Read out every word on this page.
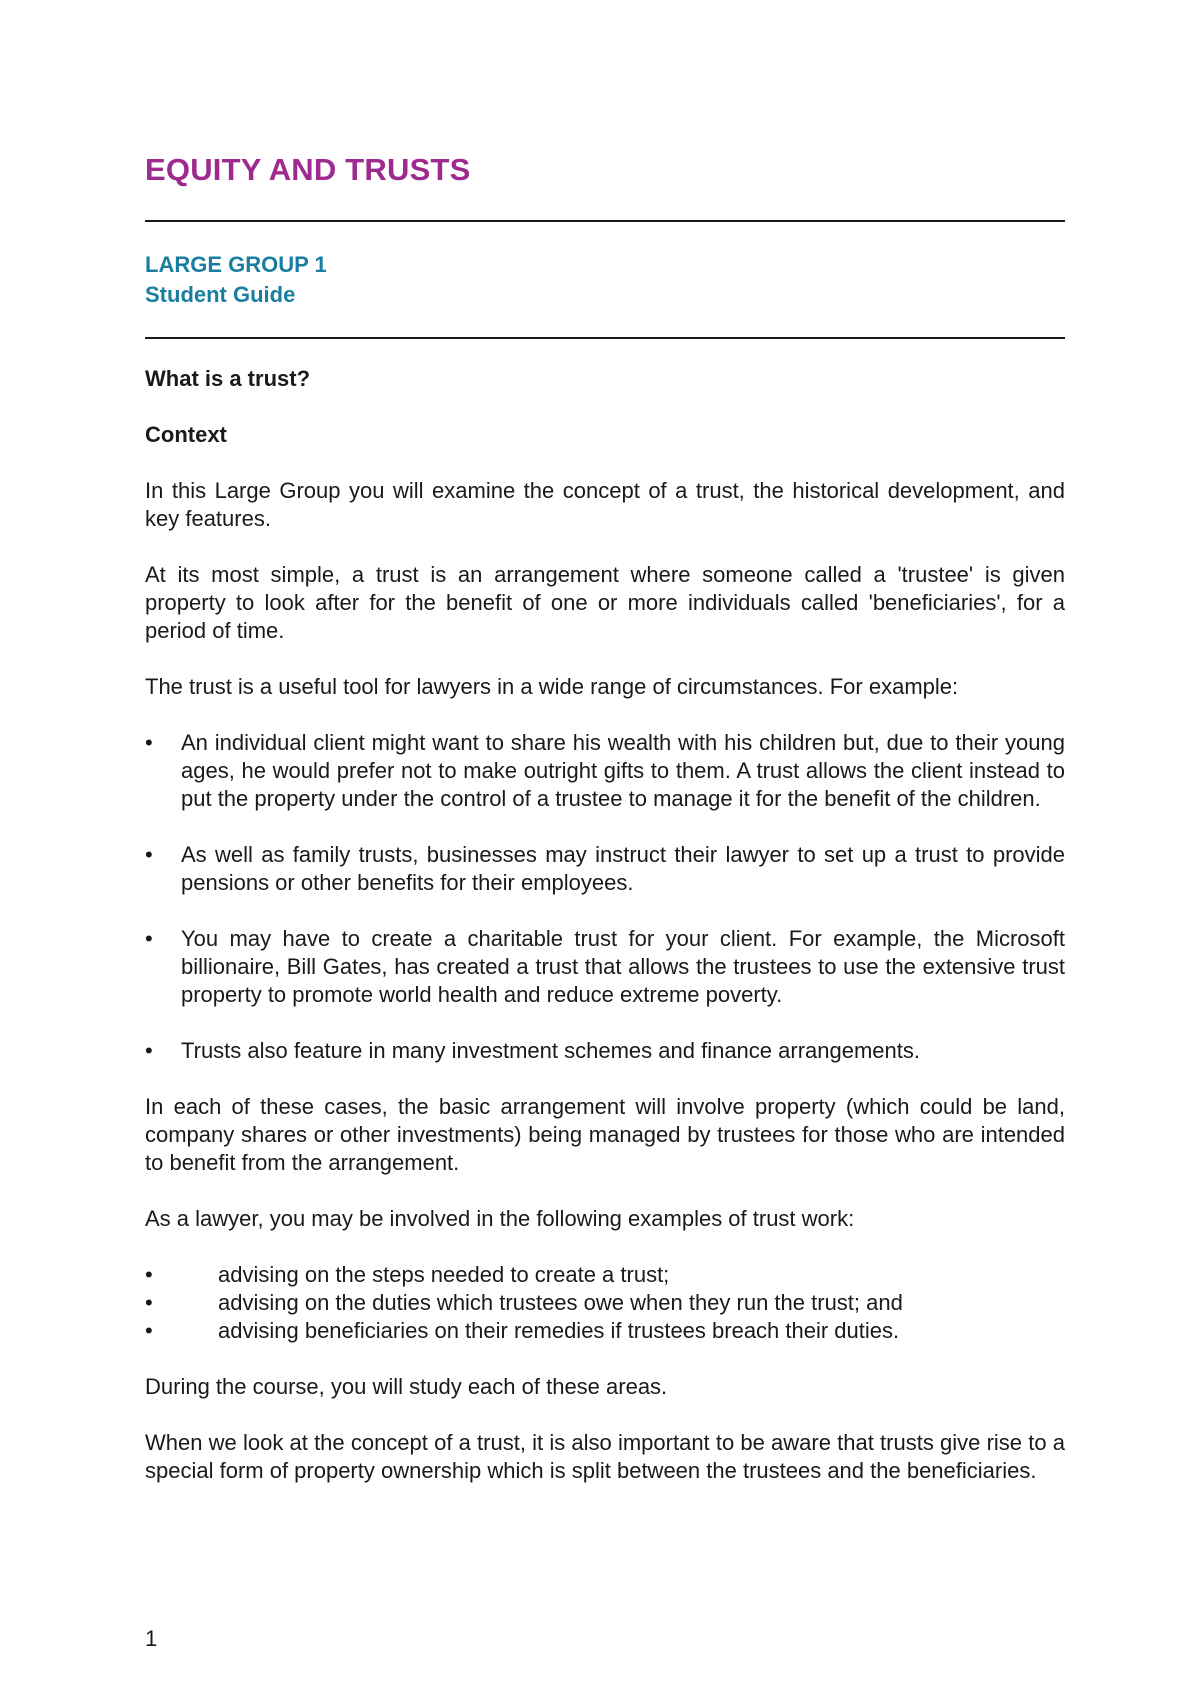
EQUITY AND TRUSTS
LARGE GROUP 1
Student Guide

What is a trust?

Context

In this Large Group you will examine the concept of a trust, the historical development, and key features.

At its most simple, a trust is an arrangement where someone called a 'trustee' is given property to look after for the benefit of one or more individuals called 'beneficiaries', for a period of time.

The trust is a useful tool for lawyers in a wide range of circumstances. For example:

• An individual client might want to share his wealth with his children but, due to their young ages, he would prefer not to make outright gifts to them. A trust allows the client instead to put the property under the control of a trustee to manage it for the benefit of the children.
• As well as family trusts, businesses may instruct their lawyer to set up a trust to provide pensions or other benefits for their employees.
• You may have to create a charitable trust for your client. For example, the Microsoft billionaire, Bill Gates, has created a trust that allows the trustees to use the extensive trust property to promote world health and reduce extreme poverty.
• Trusts also feature in many investment schemes and finance arrangements.

In each of these cases, the basic arrangement will involve property (which could be land, company shares or other investments) being managed by trustees for those who are intended to benefit from the arrangement.

As a lawyer, you may be involved in the following examples of trust work:

•	advising on the steps needed to create a trust;
•	advising on the duties which trustees owe when they run the trust; and
•	advising beneficiaries on their remedies if trustees breach their duties.

During the course, you will study each of these areas.

When we look at the concept of a trust, it is also important to be aware that trusts give rise to a special form of property ownership which is split between the trustees and the beneficiaries.

1
